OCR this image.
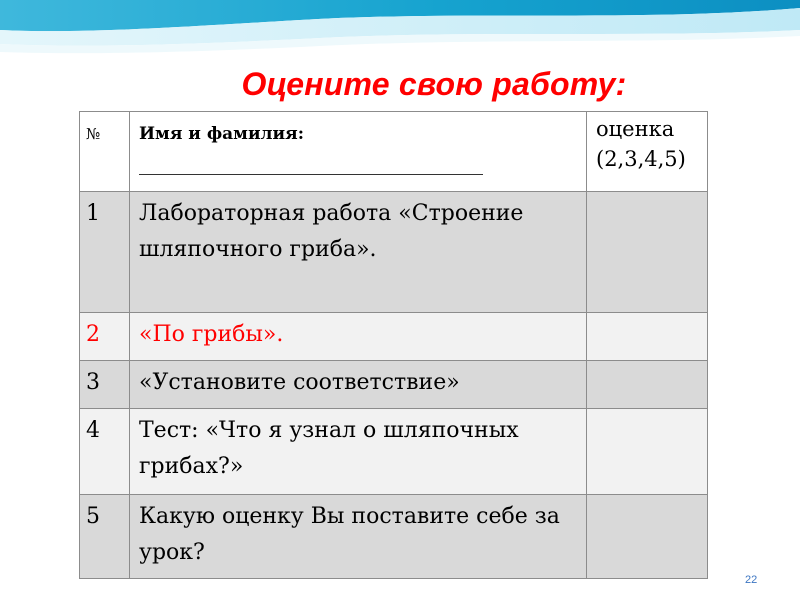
Оцените свою работу:
№	Имя и фамилия:	оценка (2,3,4,5)
1	Лабораторная работа «Строение шляпочного гриба».	
2	«По грибы».	
3	«Установите соответствие»	
4	Тест: «Что я узнал о шляпочных грибах?»	
5	Какую оценку Вы поставите себе за урок?	
22
